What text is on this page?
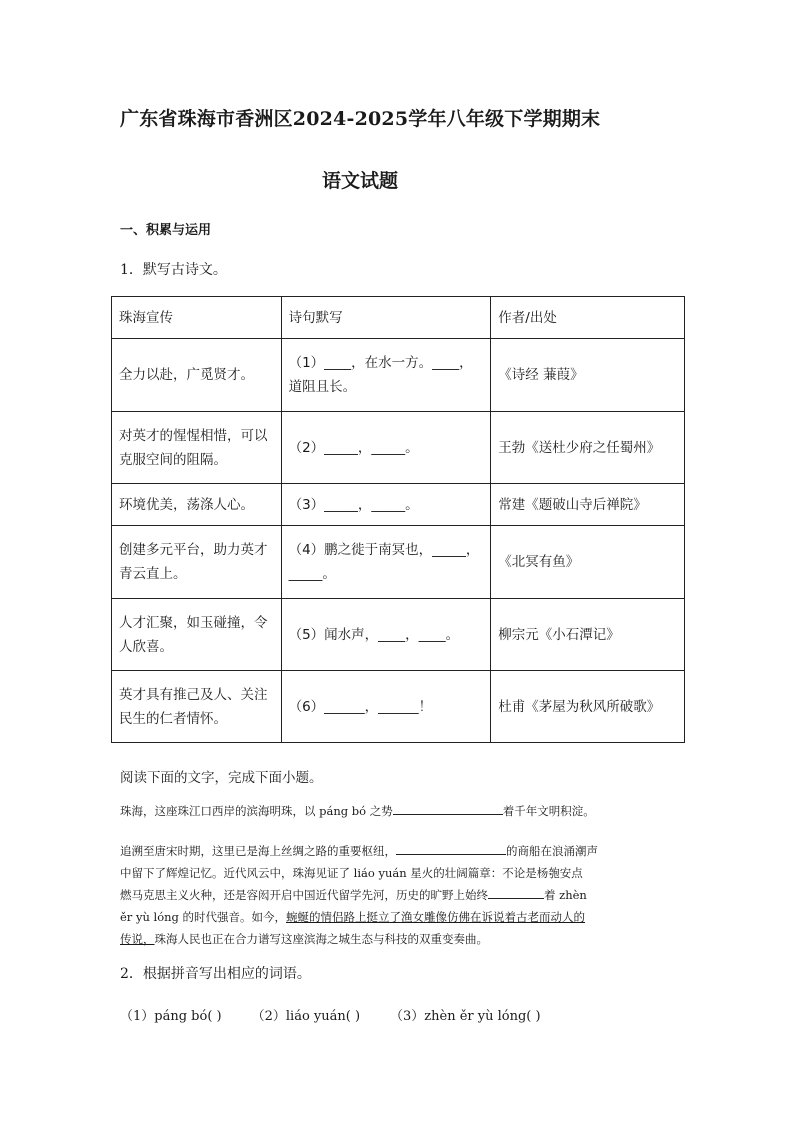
广东省珠海市香洲区2024-2025学年八年级下学期期末
语文试题
一、积累与运用
1．默写古诗文。
珠海宣传	诗句默写	作者/出处
全力以赴，广觅贤才。	（1）____，在水一方。____，道阻且长。	《诗经 蒹葭》
对英才的惺惺相惜，可以克服空间的阻隔。	（2）_____，_____。	王勃《送杜少府之任蜀州》
环境优美，荡涤人心。	（3）_____，_____。	常建《题破山寺后禅院》
创建多元平台，助力英才青云直上。	（4）鹏之徙于南冥也，_____，_____。	《北冥有鱼》
人才汇聚，如玉碰撞，令人欣喜。	（5）闻水声，____，____。	柳宗元《小石潭记》
英才具有推己及人、关注民生的仁者情怀。	（6）______，______！	杜甫《茅屋为秋风所破歌》
阅读下面的文字，完成下面小题。
珠海，这座珠江口西岸的滨海明珠，以 páng bó 之势	着千年文明积淀。
追溯至唐宋时期，这里已是海上丝绸之路的重要枢纽，	的商船在浪涌潮声
中留下了辉煌记忆。近代风云中，珠海见证了 liáo yuán 星火的壮阔篇章：不论是杨匏安点
燃马克思主义火种，还是容闳开启中国近代留学先河，历史的旷野上始终	着 zhèn
ěr yù lóng 的时代强音。如今，蜿蜒的情侣路上挺立了渔女雕像仿佛在诉说着古老而动人的
传说，珠海人民也正在合力谱写这座滨海之城生态与科技的双重变奏曲。
2．根据拼音写出相应的词语。
（1）páng bó( ) （2）liáo yuán( ) （3）zhèn ěr yù lóng( )
